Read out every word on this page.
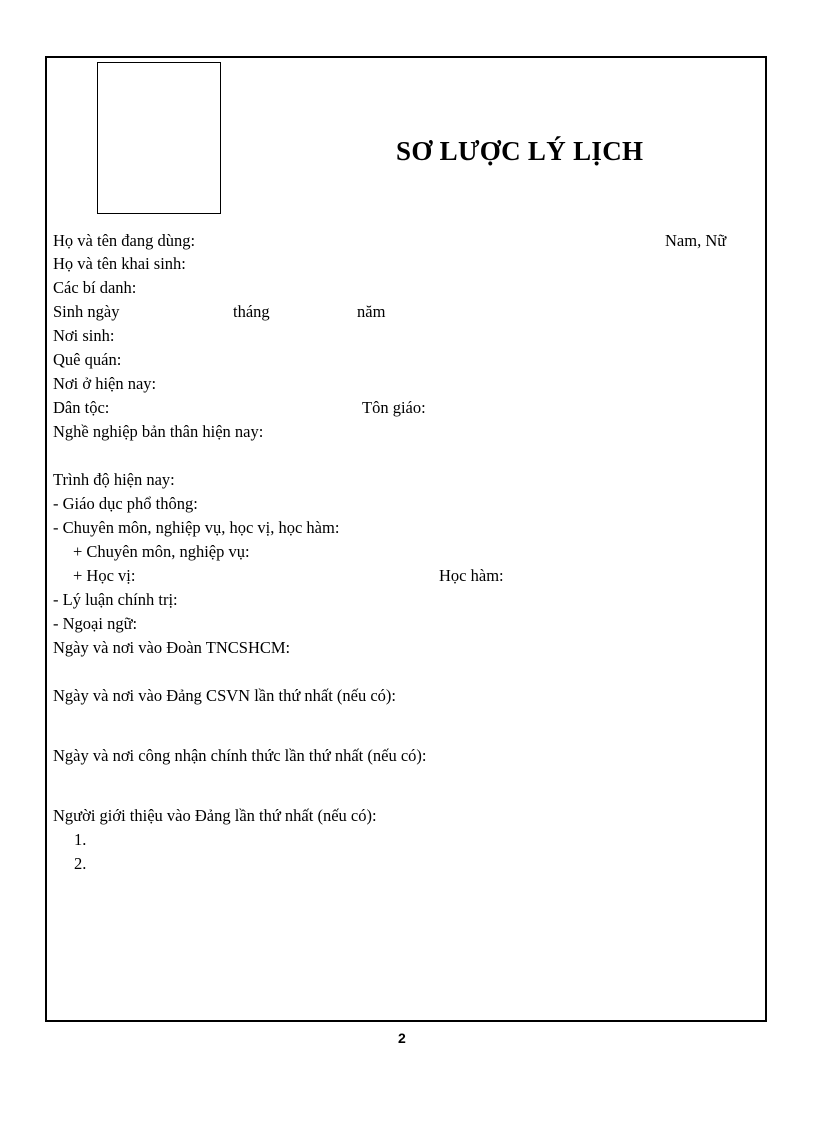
SƠ LƯỢC LÝ LỊCH
Họ và tên đang dùng:	Nam, Nữ
Họ và tên khai sinh:
Các bí danh:
Sinh ngày	tháng	năm
Nơi sinh:
Quê quán:
Nơi ở hiện nay:
Dân tộc:	Tôn giáo:
Nghề nghiệp bản thân hiện nay:
Trình độ hiện nay:
- Giáo dục phổ thông:
- Chuyên môn, nghiệp vụ, học vị, học hàm:
+ Chuyên môn, nghiệp vụ:
+ Học vị:	Học hàm:
- Lý luận chính trị:
- Ngoại ngữ:
Ngày và nơi vào Đoàn TNCSHCM:
Ngày và nơi vào Đảng CSVN lần thứ nhất (nếu có):
Ngày và nơi công nhận chính thức lần thứ nhất (nếu có):
Người giới thiệu vào Đảng lần thứ nhất (nếu có):
1.
2.
2
